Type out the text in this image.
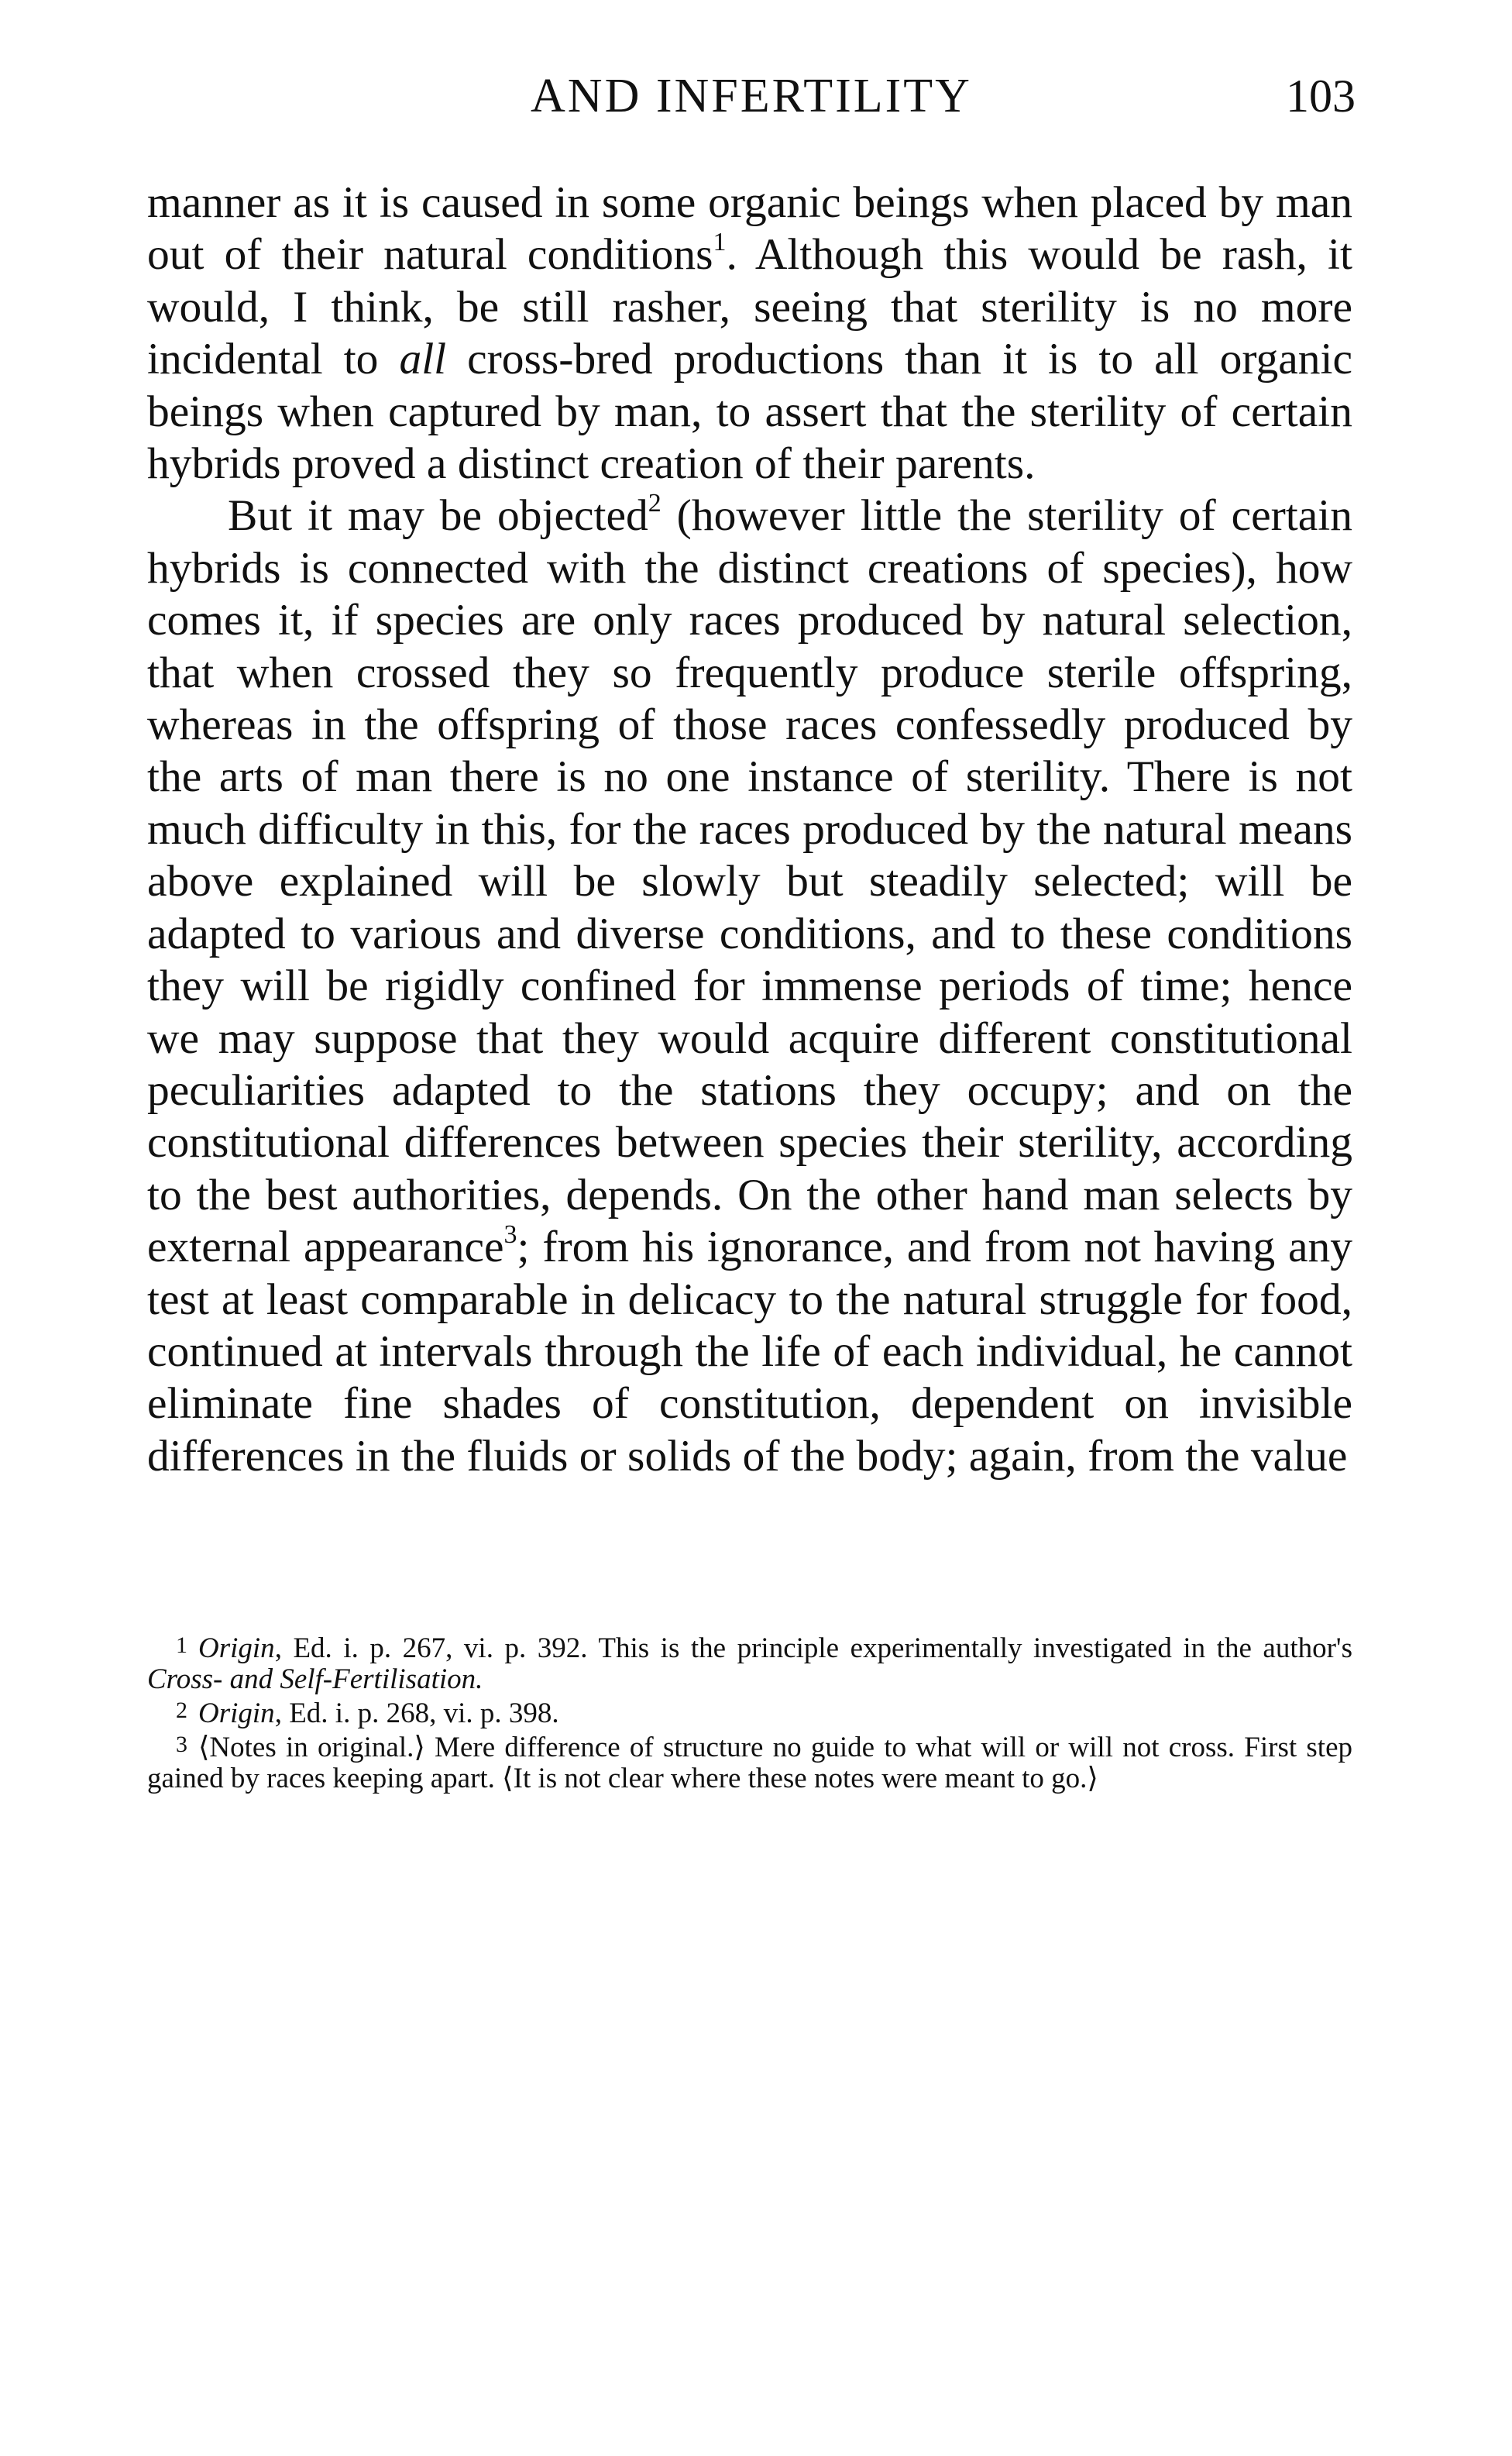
AND INFERTILITY	103

manner as it is caused in some organic beings when placed by man out of their natural conditions$^1$. Although this would be rash, it would, I think, be still rasher, seeing that sterility is no more incidental to all cross-bred productions than it is to all organic beings when captured by man, to assert that the sterility of certain hybrids proved a distinct creation of their parents.

But it may be objected$^2$ (however little the sterility of certain hybrids is connected with the distinct creations of species), how comes it, if species are only races produced by natural selection, that when crossed they so frequently produce sterile offspring, whereas in the offspring of those races confessedly produced by the arts of man there is no one instance of sterility. There is not much difficulty in this, for the races produced by the natural means above explained will be slowly but steadily selected; will be adapted to various and diverse conditions, and to these conditions they will be rigidly confined for immense periods of time; hence we may suppose that they would acquire different constitutional peculiarities adapted to the stations they occupy; and on the constitutional differences between species their sterility, according to the best authorities, depends. On the other hand man selects by external appearance$^3$; from his ignorance, and from not having any test at least comparable in delicacy to the natural struggle for food, continued at intervals through the life of each individual, he cannot eliminate fine shades of constitution, dependent on invisible differences in the fluids or solids of the body; again, from the value

1 Origin, Ed. i. p. 267, vi. p. 392. This is the principle experimentally investigated in the author's Cross- and Self-Fertilisation.

2 Origin, Ed. i. p. 268, vi. p. 398.

3 ⟨Notes in original.⟩ Mere difference of structure no guide to what will or will not cross. First step gained by races keeping apart. ⟨It is not clear where these notes were meant to go.⟩
